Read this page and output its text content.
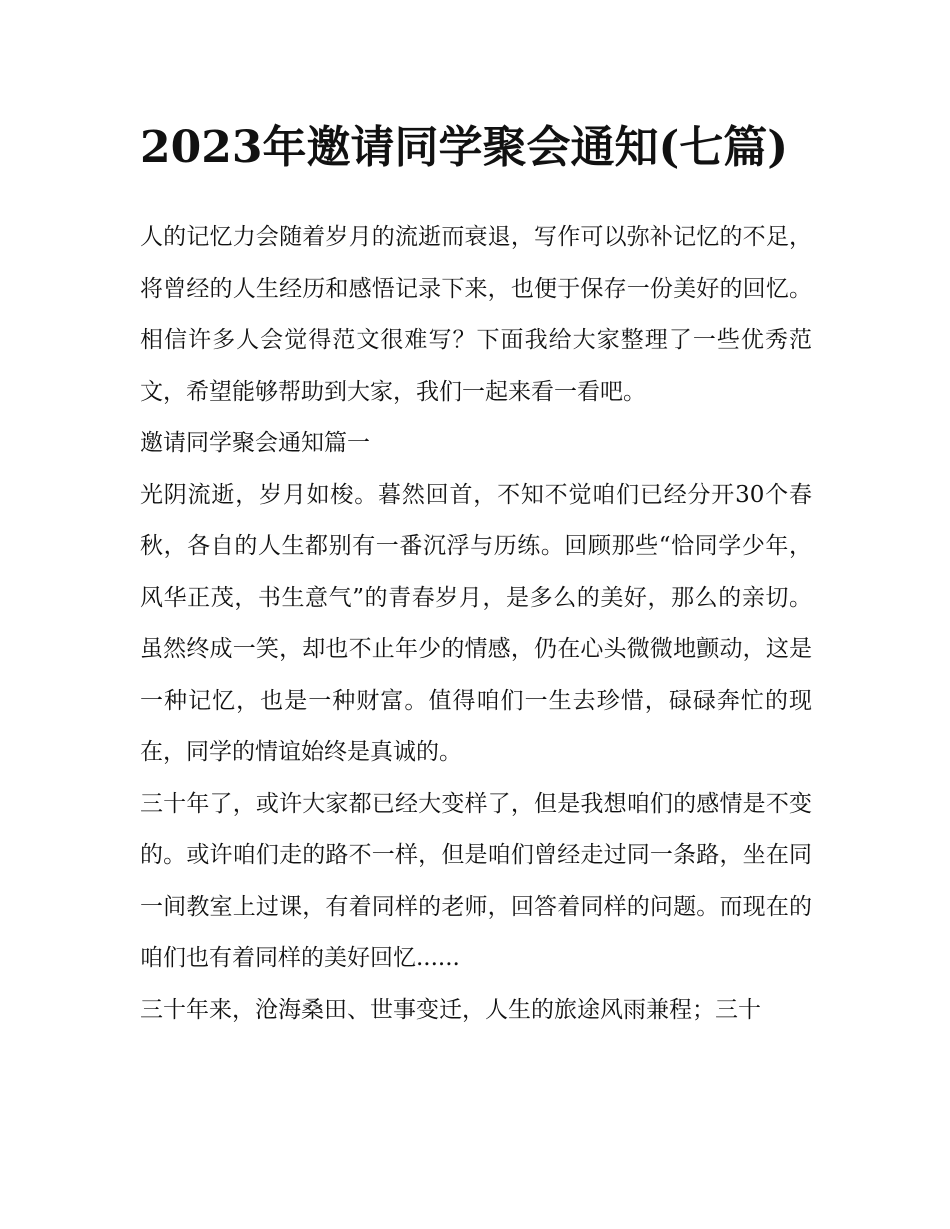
2023年邀请同学聚会通知(七篇)

人的记忆力会随着岁月的流逝而衰退，写作可以弥补记忆的不足，将曾经的人生经历和感悟记录下来，也便于保存一份美好的回忆。相信许多人会觉得范文很难写？下面我给大家整理了一些优秀范文，希望能够帮助到大家，我们一起来看一看吧。

邀请同学聚会通知篇一

光阴流逝，岁月如梭。暮然回首，不知不觉咱们已经分开30个春秋，各自的人生都别有一番沉浮与历练。回顾那些“恰同学少年，风华正茂，书生意气”的青春岁月，是多么的美好，那么的亲切。虽然终成一笑，却也不止年少的情感，仍在心头微微地颤动，这是一种记忆，也是一种财富。值得咱们一生去珍惜，碌碌奔忙的现在，同学的情谊始终是真诚的。

三十年了，或许大家都已经大变样了，但是我想咱们的感情是不变的。或许咱们走的路不一样，但是咱们曾经走过同一条路，坐在同一间教室上过课，有着同样的老师，回答着同样的问题。而现在的咱们也有着同样的美好回忆......

三十年来，沧海桑田、世事变迁，人生的旅途风雨兼程；三十
